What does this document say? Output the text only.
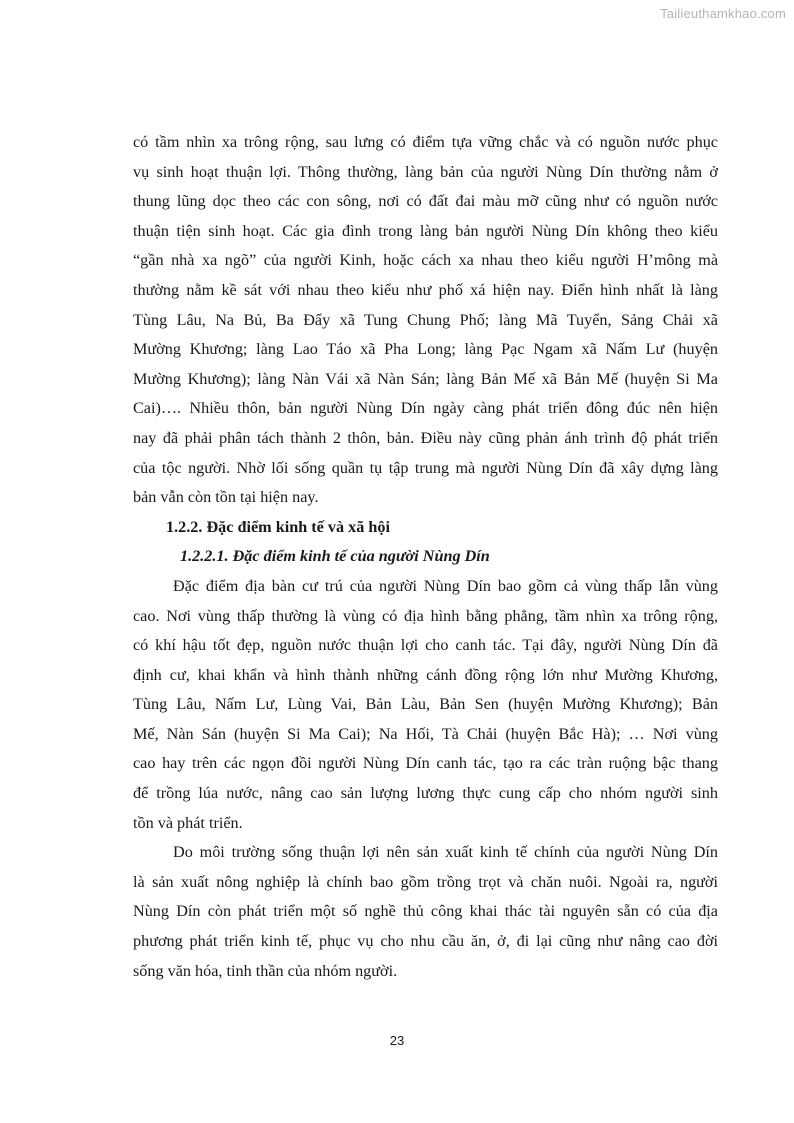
Tailieuthamkhao.com
có tầm nhìn xa trông rộng, sau lưng có điểm tựa vững chắc và có nguồn nước phục
vụ sinh hoạt thuận lợi. Thông thường, làng bản của người Nùng Dín thường nằm ở
thung lũng dọc theo các con sông, nơi có đất đai màu mỡ cũng như có nguồn nước
thuận tiện sinh hoạt. Các gia đình trong làng bản người Nùng Dín không theo kiểu
“gần nhà xa ngõ” của người Kinh, hoặc cách xa nhau theo kiểu người H’mông mà
thường nằm kề sát với nhau theo kiểu như phố xá hiện nay. Điển hình nhất là làng
Tùng Lâu, Na Bủ, Ba Đẩy xã Tung Chung Phố; làng Mã Tuyển, Sảng Chải xã
Mường Khương; làng Lao Táo xã Pha Long; làng Pạc Ngam xã Nấm Lư (huyện
Mường Khương); làng Nàn Vái xã Nàn Sán; làng Bản Mế xã Bản Mế (huyện Si Ma
Cai)…. Nhiều thôn, bản người Nùng Dín ngày càng phát triển đông đúc nên hiện
nay đã phải phân tách thành 2 thôn, bản. Điều này cũng phản ánh trình độ phát triển
của tộc người. Nhờ lối sống quần tụ tập trung mà người Nùng Dín đã xây dựng làng
bản vẫn còn tồn tại hiện nay.
1.2.2. Đặc điểm kinh tế và xã hội
1.2.2.1. Đặc điểm kinh tế của người Nùng Dín
Đặc điểm địa bàn cư trú của người Nùng Dín bao gồm cả vùng thấp lẫn vùng
cao. Nơi vùng thấp thường là vùng có địa hình bằng phẳng, tầm nhìn xa trông rộng,
có khí hậu tốt đẹp, nguồn nước thuận lợi cho canh tác. Tại đây, người Nùng Dín đã
định cư, khai khẩn và hình thành những cánh đồng rộng lớn như Mường Khương,
Tùng Lâu, Nấm Lư, Lùng Vai, Bản Làu, Bản Sen (huyện Mường Khương); Bản
Mế, Nàn Sán (huyện Si Ma Cai); Na Hối, Tà Chải (huyện Bắc Hà); … Nơi vùng
cao hay trên các ngọn đồi người Nùng Dín canh tác, tạo ra các tràn ruộng bậc thang
để trồng lúa nước, nâng cao sản lượng lương thực cung cấp cho nhóm người sinh
tồn và phát triển.
Do môi trường sống thuận lợi nên sản xuất kinh tế chính của người Nùng Dín
là sản xuất nông nghiệp là chính bao gồm trồng trọt và chăn nuôi. Ngoài ra, người
Nùng Dín còn phát triển một số nghề thủ công khai thác tài nguyên sẵn có của địa
phương phát triển kinh tế, phục vụ cho nhu cầu ăn, ở, đi lại cũng như nâng cao đời
sống văn hóa, tinh thần của nhóm người.
23
